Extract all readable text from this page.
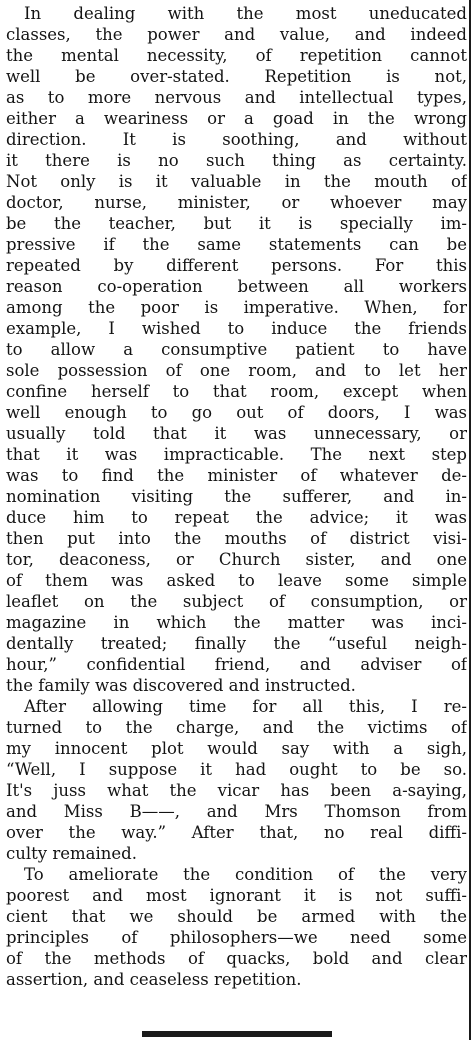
In dealing with the most uneducated
classes, the power and value, and indeed
the mental necessity, of repetition cannot
well be over-stated. Repetition is not,
as to more nervous and intellectual types,
either a weariness or a goad in the wrong
direction. It is soothing, and without
it there is no such thing as certainty.
Not only is it valuable in the mouth of
doctor, nurse, minister, or whoever may
be the teacher, but it is specially im-
pressive if the same statements can be
repeated by different persons. For this
reason co-operation between all workers
among the poor is imperative. When, for
example, I wished to induce the friends
to allow a consumptive patient to have
sole possession of one room, and to let her
confine herself to that room, except when
well enough to go out of doors, I was
usually told that it was unnecessary, or
that it was impracticable. The next step
was to find the minister of whatever de-
nomination visiting the sufferer, and in-
duce him to repeat the advice; it was
then put into the mouths of district visi-
tor, deaconess, or Church sister, and one
of them was asked to leave some simple
leaflet on the subject of consumption, or
magazine in which the matter was inci-
dentally treated; finally the “useful neigh-
hour,” confidential friend, and adviser of
the family was discovered and instructed.
After allowing time for all this, I re-
turned to the charge, and the victims of
my innocent plot would say with a sigh,
“Well, I suppose it had ought to be so.
It's juss what the vicar has been a-saying,
and Miss B——, and Mrs Thomson from
over the way.” After that, no real diffi-
culty remained.
To ameliorate the condition of the very
poorest and most ignorant it is not suffi-
cient that we should be armed with the
principles of philosophers—we need some
of the methods of quacks, bold and clear
assertion, and ceaseless repetition.
